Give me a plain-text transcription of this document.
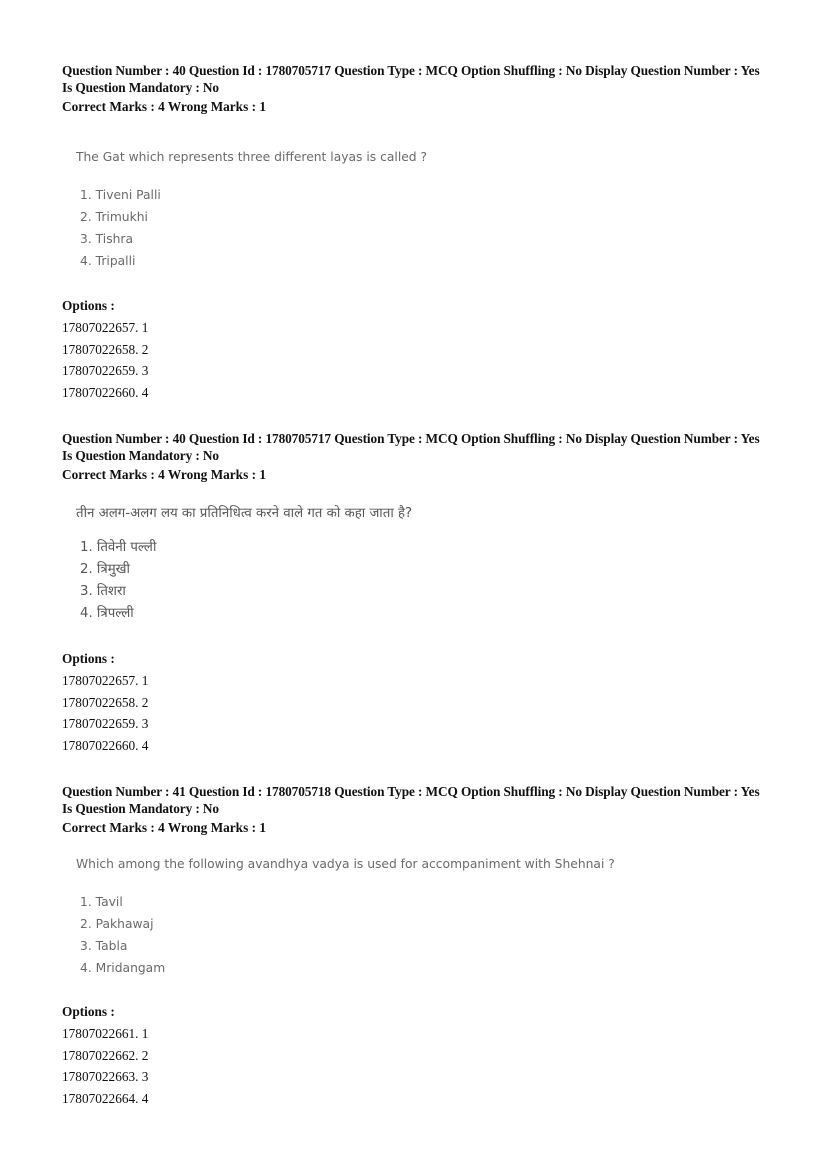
Question Number : 40 Question Id : 1780705717 Question Type : MCQ Option Shuffling : No Display Question Number : Yes Is Question Mandatory : No
Correct Marks : 4 Wrong Marks : 1
The Gat which represents three different layas is called ?
1. Tiveni Palli
2. Trimukhi
3. Tishra
4. Tripalli
Options :
17807022657. 1
17807022658. 2
17807022659. 3
17807022660. 4
Question Number : 40 Question Id : 1780705717 Question Type : MCQ Option Shuffling : No Display Question Number : Yes Is Question Mandatory : No
Correct Marks : 4 Wrong Marks : 1
तीन अलग-अलग लय का प्रतिनिधित्व करने वाले गत को कहा जाता है?
1. तिवेनी पल्ली
2. त्रिमुखी
3. तिशरा
4. त्रिपल्ली
Options :
17807022657. 1
17807022658. 2
17807022659. 3
17807022660. 4
Question Number : 41 Question Id : 1780705718 Question Type : MCQ Option Shuffling : No Display Question Number : Yes Is Question Mandatory : No
Correct Marks : 4 Wrong Marks : 1
Which among the following avandhya vadya is used for accompaniment with Shehnai ?
1. Tavil
2. Pakhawaj
3. Tabla
4. Mridangam
Options :
17807022661. 1
17807022662. 2
17807022663. 3
17807022664. 4
